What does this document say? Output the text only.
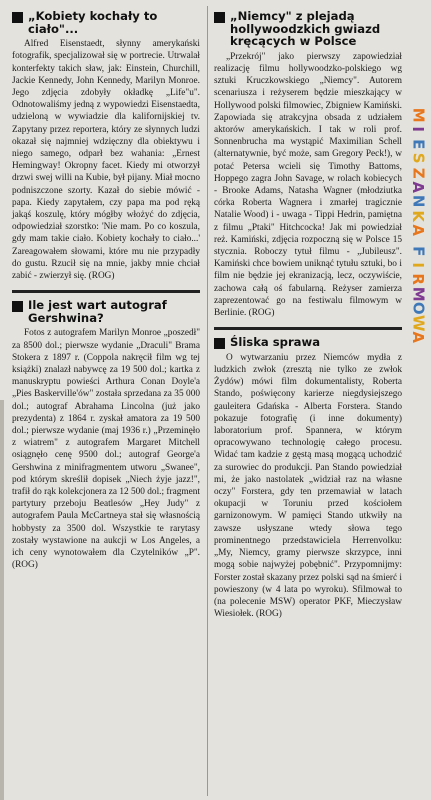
„Kobiety kochały to ciało"...

Alfred Eisenstaedt, słynny amerykański fotografik, specjalizował się w portrecie. Utrwalał konterfekty takich sław, jak: Einstein, Churchill, Jackie Kennedy, John Kennedy, Marilyn Monroe. Jego zdjęcia zdobyły okładkę „Life"u". Odnotowaliśmy jedną z wypowiedzi Eisenstaedta, udzieloną w wywiadzie dla kalifornijskiej tv. Zapytany przez reportera, który ze słynnych ludzi okazał się najmniej wdzięczny dla obiektywu i niego samego, odparł bez wahania: „Ernest Hemingway! Okropny facet. Kiedy mi otworzył drzwi swej willi na Kubie, był pijany. Miał mocno podniszczone szorty. Kazał do siebie mówić - papa. Kiedy zapytałem, czy papa ma pod ręką jakąś koszulę, który mógłby włożyć do zdjęcia, odpowiedział szorstko: 'Nie mam. Po co koszula, gdy mam takie ciało. Kobiety kochały to ciało...' Zareagowałem słowami, które mu nie przypadły do gustu. Rzucił się na mnie, jakby mnie chciał zabić - zwierzył się. (ROG)

Ile jest wart autograf Gershwina?

Fotos z autografem Marilyn Monroe „poszedł" za 8500 dol.; pierwsze wydanie „Draculi" Brama Stokera z 1897 r. (Coppola nakręcił film wg tej książki) znalazł nabywcę za 19 500 dol.; kartka z manuskryptu powieści Arthura Conan Doyle'a „Pies Baskerville'ów" została sprzedana za 35 000 dol.; autograf Abrahama Lincolna (już jako prezydenta) z 1864 r. zyskał amatora za 19 500 dol.; pierwsze wydanie (maj 1936 r.) „Przeminęło z wiatrem" z autografem Margaret Mitchell osiągnęło cenę 9500 dol.; autograf George'a Gershwina z minifragmentem utworu „Swanee", pod którym skreślił dopisek „Niech żyje jazz!", trafił do rąk kolekcjonera za 12 500 dol.; fragment partytury przeboju Beatlesów „Hey Judy" z autografem Paula McCartneya stał się własnością hobbysty za 3500 dol. Wszystkie te rarytasy zostały wystawione na aukcji w Los Angeles, a ich ceny wynotowałem dla Czytelników „P". (ROG)

„Niemcy" z plejadą hollywoodzkich gwiazd kręcących w Polsce

„Przekrój" jako pierwszy zapowiedział realizację filmu hollywoodzko-polskiego wg sztuki Kruczkowskiego „Niemcy". Autorem scenariusza i reżyserem będzie mieszkający w Hollywood polski filmowiec, Zbigniew Kamiński. Zapowiada się atrakcyjna obsada z udziałem aktorów amerykańskich. I tak w roli prof. Sonnenbrucha ma wystąpić Maximilian Schell (alternatywnie, być może, sam Gregory Peck!), w potać Petersa wcieli się Timothy Battoms, Hoppego zagra John Savage, w rolach kobiecych - Brooke Adams, Natasha Wagner (młodziutka córka Roberta Wagnera i zmarłej tragicznie Natalie Wood) i - uwaga - Tippi Hedrin, pamiętna z filmu „Ptaki" Hitchcocka! Jak mi powiedział reż. Kamiński, zdjęcia rozpoczną się w Polsce 15 stycznia. Roboczy tytuł filmu - „Jubileusz". Kamiński chce bowiem uniknąć tytułu sztuki, bo i film nie będzie jej ekranizacją, lecz, oczywiście, zachowa całą oś fabularną. Reżyser zamierza zaprezentować go na festiwalu filmowym w Berlinie. (ROG)

Śliska sprawa

O wytwarzaniu przez Niemców mydła z ludzkich zwłok (zresztą nie tylko ze zwłok Żydów) mówi film dokumentalisty, Roberta Stando, poświęcony karierze niegdysiejszego gauleitera Gdańska - Alberta Forstera. Stando pokazuje fotografię (i inne dokumenty) laboratorium prof. Spannera, w którym opracowywano technologię całego procesu. Widać tam kadzie z gęstą masą mogącą uchodzić za surowiec do produkcji. Pan Stando powiedział mi, że jako nastolatek „widział raz na własne oczy" Forstera, gdy ten przemawiał w latach okupacji w Toruniu przed kościołem garnizonowym. W pamięci Stando utkwiły na zawsze usłyszane wtedy słowa tego prominentnego przedstawiciela Herrenvolku: „My, Niemcy, gramy pierwsze skrzypce, inni mogą sobie najwyżej pobębnić". Przypomnijmy: Forster został skazany przez polski sąd na śmierć i powieszony (w 4 lata po wyroku). Sfilmował to (na polecenie MSW) operator PKF, Mieczysław Wiesiołek. (ROG)

M
I
E
S
Z
A
N
K
A

F
I
R
M
O
W
A
